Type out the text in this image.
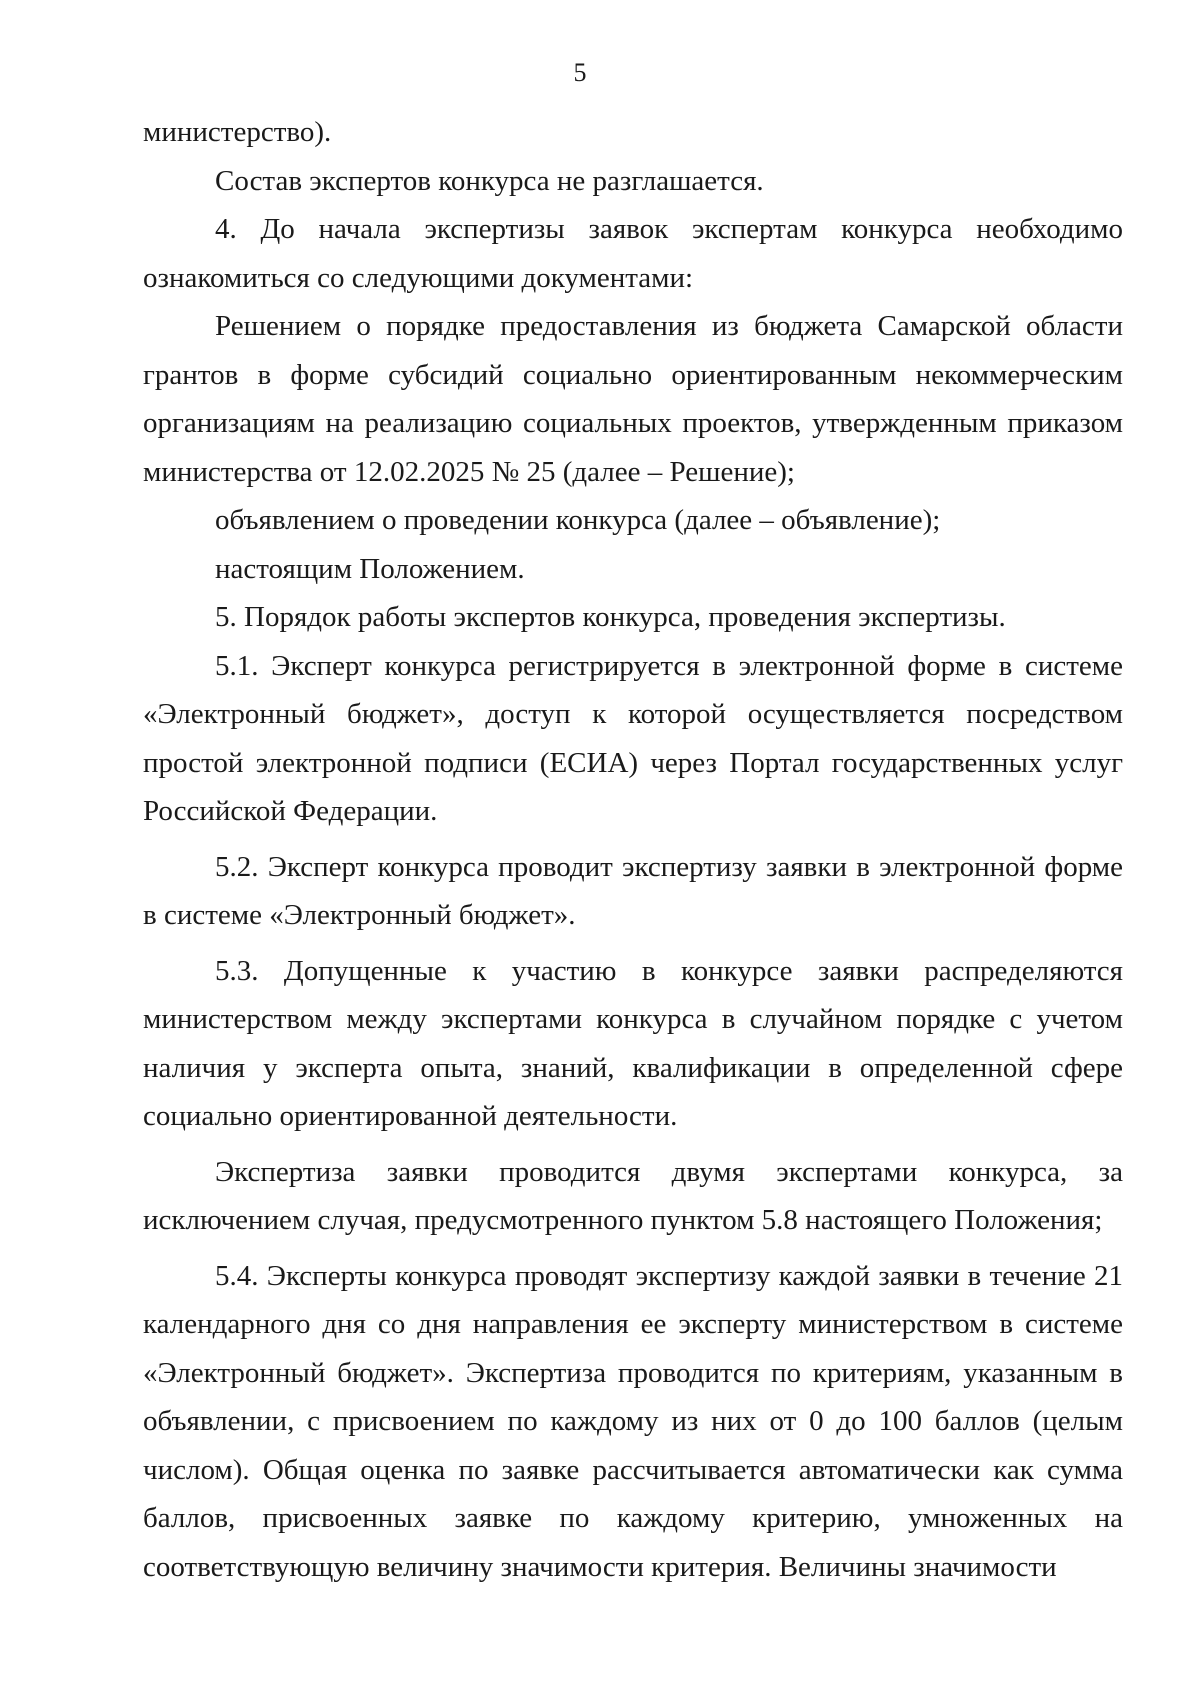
5

министерство).

Состав экспертов конкурса не разглашается.

4. До начала экспертизы заявок экспертам конкурса необходимо ознакомиться со следующими документами:

Решением о порядке предоставления из бюджета Самарской области грантов в форме субсидий социально ориентированным некоммерческим организациям на реализацию социальных проектов, утвержденным приказом министерства от 12.02.2025 № 25 (далее – Решение);

объявлением о проведении конкурса (далее – объявление);

настоящим Положением.

5. Порядок работы экспертов конкурса, проведения экспертизы.

5.1. Эксперт конкурса регистрируется в электронной форме в системе «Электронный бюджет», доступ к которой осуществляется посредством простой электронной подписи (ЕСИА) через Портал государственных услуг Российской Федерации.

5.2. Эксперт конкурса проводит экспертизу заявки в электронной форме в системе «Электронный бюджет».

5.3. Допущенные к участию в конкурсе заявки распределяются министерством между экспертами конкурса в случайном порядке с учетом наличия у эксперта опыта, знаний, квалификации в определенной сфере социально ориентированной деятельности.

Экспертиза заявки проводится двумя экспертами конкурса, за исключением случая, предусмотренного пунктом 5.8 настоящего Положения;

5.4. Эксперты конкурса проводят экспертизу каждой заявки в течение 21 календарного дня со дня направления ее эксперту министерством в системе «Электронный бюджет». Экспертиза проводится по критериям, указанным в объявлении, с присвоением по каждому из них от 0 до 100 баллов (целым числом). Общая оценка по заявке рассчитывается автоматически как сумма баллов, присвоенных заявке по каждому критерию, умноженных на соответствующую величину значимости критерия. Величины значимости
